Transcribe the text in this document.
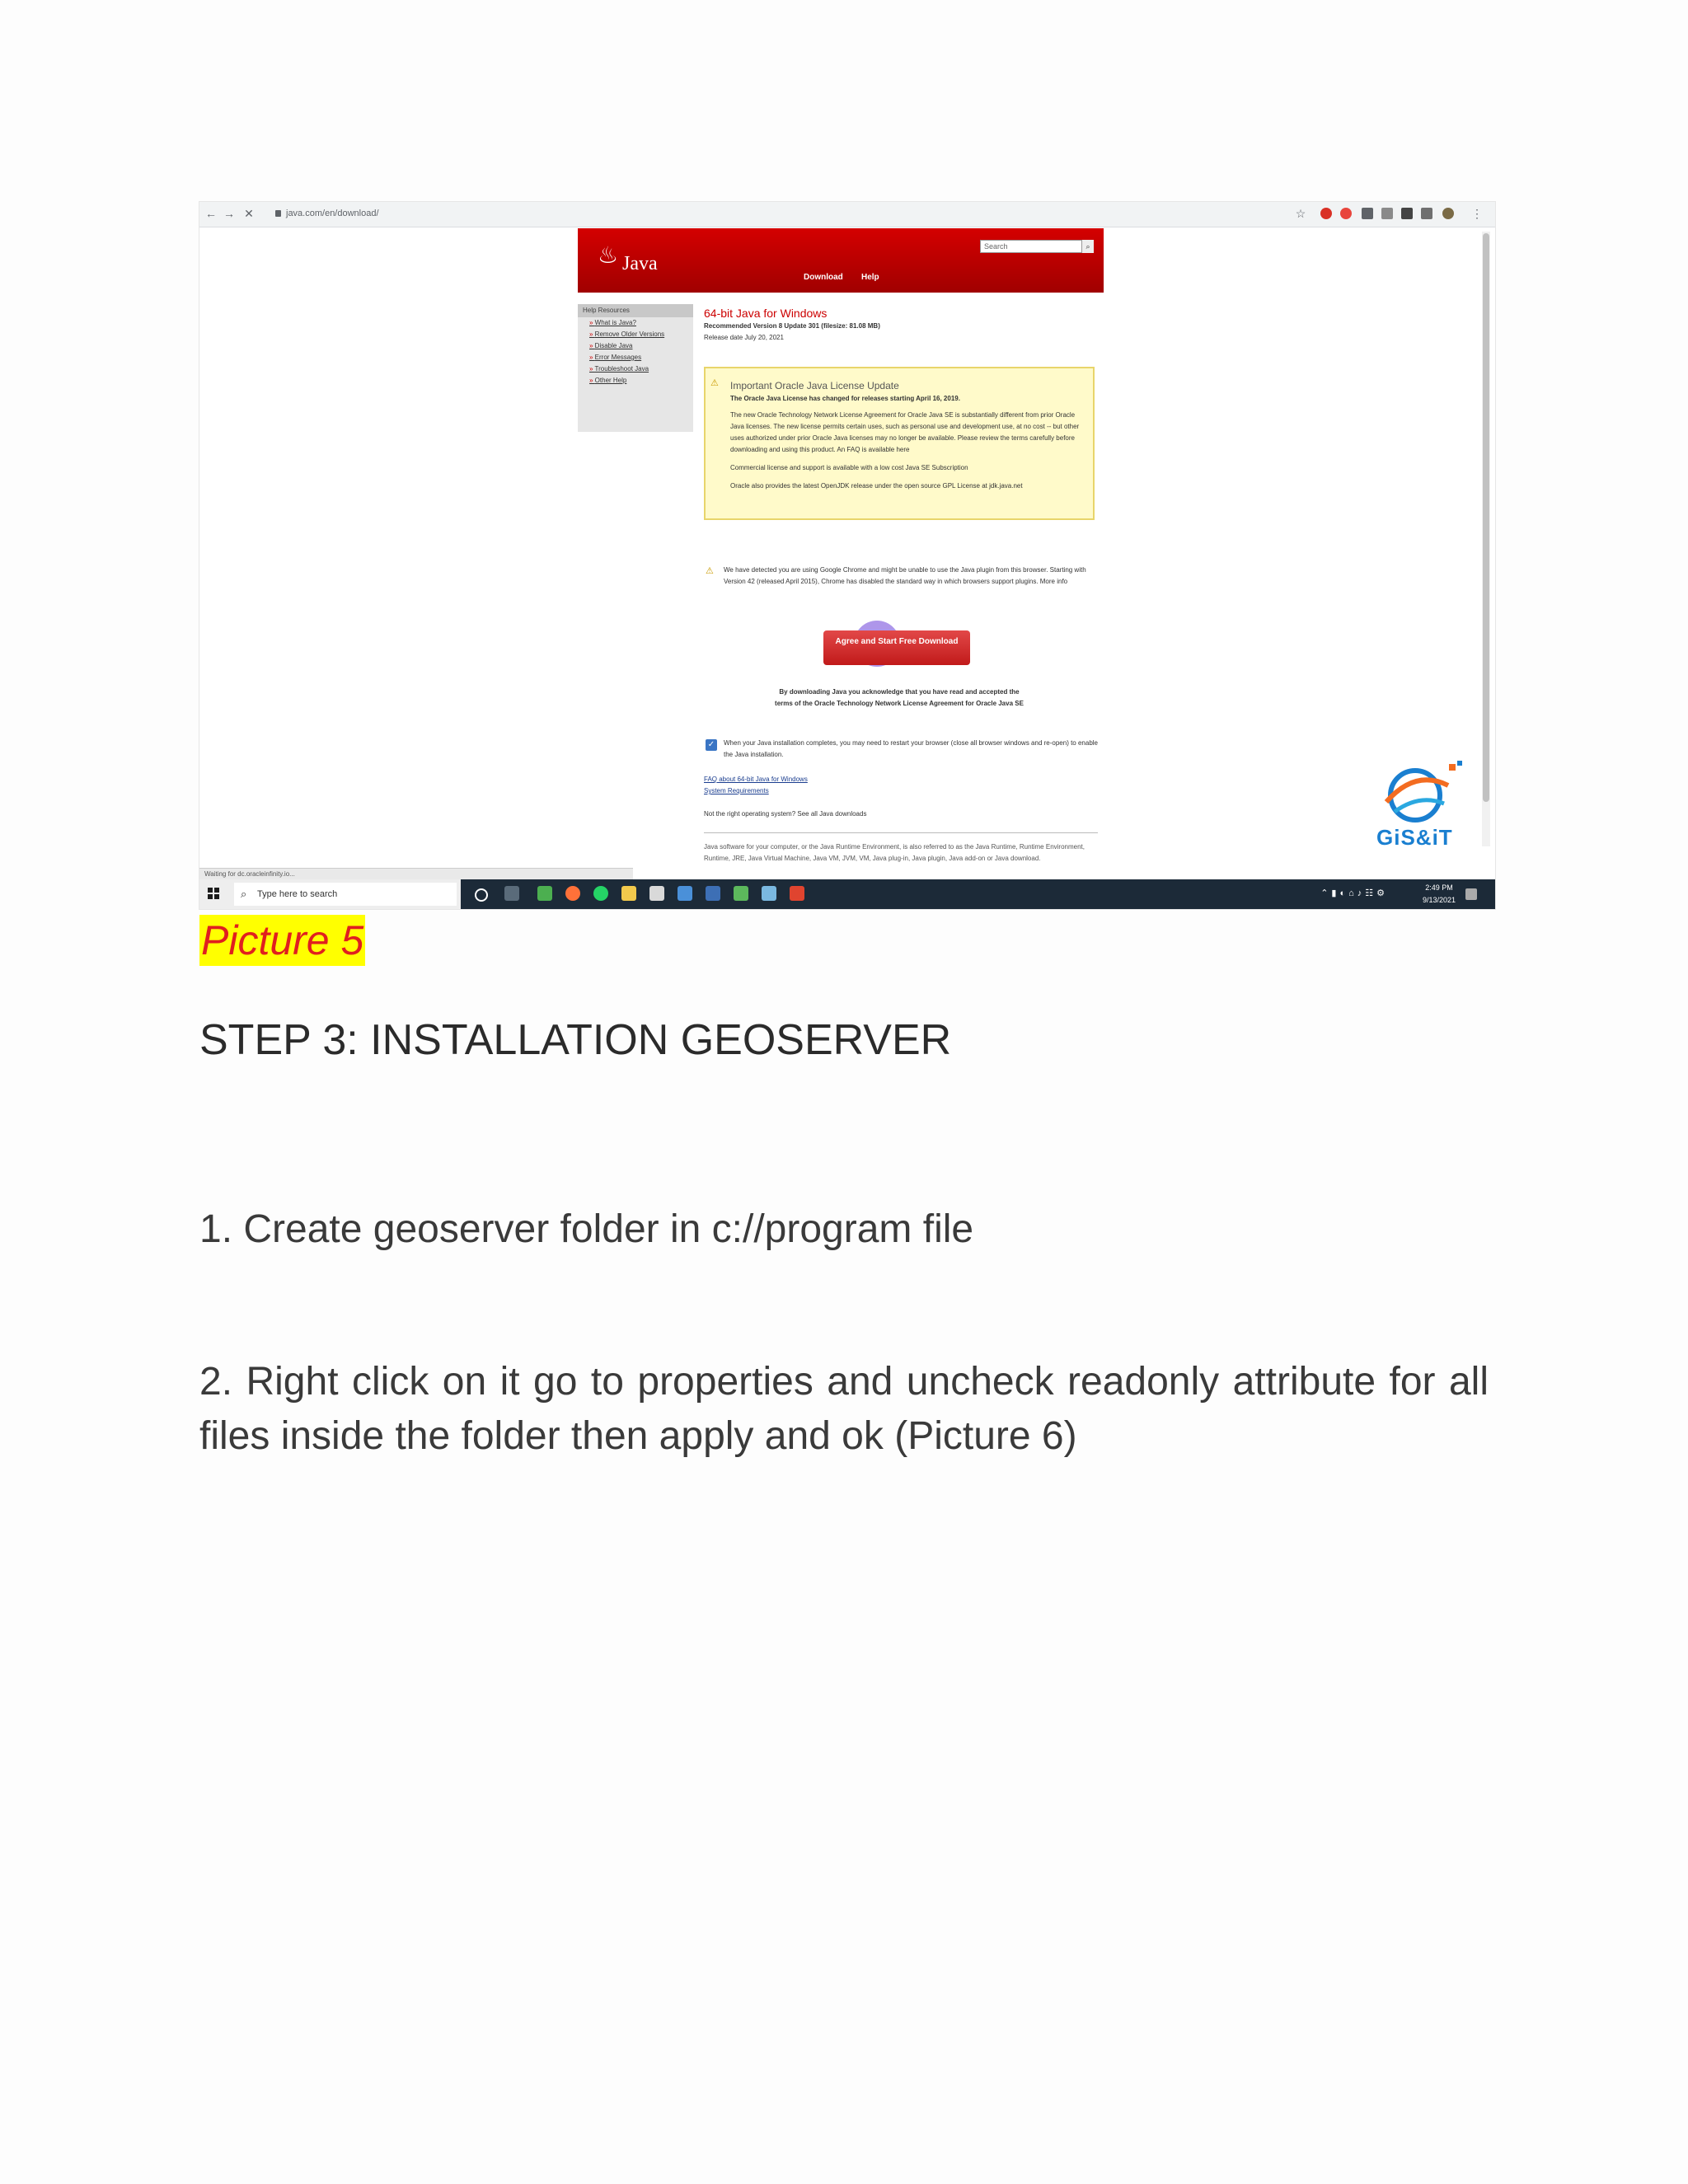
← → ✕	java.com/en/download/	☆	⋮
♨ Java
Search	⌕
Download Help
Help Resources
» What is Java?
» Remove Older Versions
» Disable Java
» Error Messages
» Troubleshoot Java
» Other Help
64-bit Java for Windows
Recommended Version 8 Update 301 (filesize: 81.08 MB)
Release date July 20, 2021
⚠ Important Oracle Java License Update
The Oracle Java License has changed for releases starting April 16, 2019.
The new Oracle Technology Network License Agreement for Oracle Java SE is substantially different from prior Oracle Java licenses. The new license permits certain uses, such as personal use and development use, at no cost -- but other uses authorized under prior Oracle Java licenses may no longer be available. Please review the terms carefully before downloading and using this product. An FAQ is available here
Commercial license and support is available with a low cost Java SE Subscription
Oracle also provides the latest OpenJDK release under the open source GPL License at jdk.java.net
⚠ We have detected you are using Google Chrome and might be unable to use the Java plugin from this browser. Starting with Version 42 (released April 2015), Chrome has disabled the standard way in which browsers support plugins. More info
Agree and Start Free Download
By downloading Java you acknowledge that you have read and accepted the terms of the Oracle Technology Network License Agreement for Oracle Java SE
✓	When your Java installation completes, you may need to restart your browser (close all browser windows and re-open) to enable the Java installation.
FAQ about 64-bit Java for Windows
System Requirements
Not the right operating system? See all Java downloads
Java software for your computer, or the Java Runtime Environment, is also referred to as the Java Runtime, Runtime Environment, Runtime, JRE, Java Virtual Machine, Java VM, JVM, VM, Java plug-in, Java plugin, Java add-on or Java download.
Waiting for dc.oracleinfinity.io...
GiS&iT
⌕ Type here to search	⌃▮◐⌂♪☷⚙
2:49 PM
9/13/2021
Picture 5
STEP 3: INSTALLATION GEOSERVER
1. Create geoserver folder in c://program file
2. Right click on it go to properties and uncheck readonly attribute for all files inside the folder then apply and ok (Picture 6)
